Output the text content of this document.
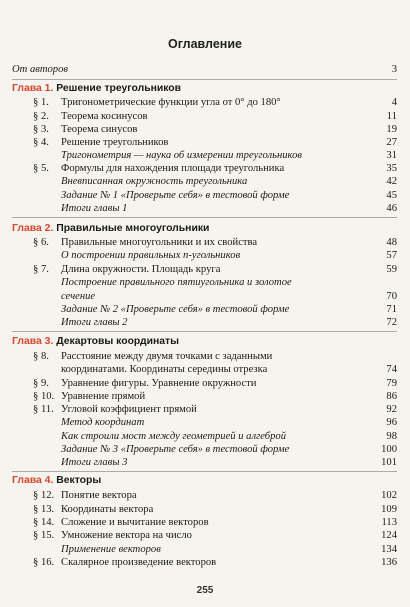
Оглавление
От авторов	3
Глава 1. Решение треугольников
§ 1. Тригонометрические функции угла от 0° до 180°	4
§ 2. Теорема косинусов	11
§ 3. Теорема синусов	19
§ 4. Решение треугольников	27
Тригонометрия — наука об измерении треугольников	31
§ 5. Формулы для нахождения площади треугольника	35
Вневписанная окружность треугольника	42
Задание № 1 «Проверьте себя» в тестовой форме	45
Итоги главы 1	46
Глава 2. Правильные многоугольники
§ 6. Правильные многоугольники и их свойства	48
О построении правильных n-угольников	57
§ 7. Длина окружности. Площадь круга	59
Построение правильного пятиугольника и золотое
сечение	70
Задание № 2 «Проверьте себя» в тестовой форме	71
Итоги главы 2	72
Глава 3. Декартовы координаты
§ 8. Расстояние между двумя точками с заданными
координатами. Координаты середины отрезка	74
§ 9. Уравнение фигуры. Уравнение окружности	79
§ 10. Уравнение прямой	86
§ 11. Угловой коэффициент прямой	92
Метод координат	96
Как строили мост между геометрией и алгеброй	98
Задание № 3 «Проверьте себя» в тестовой форме	100
Итоги главы 3	101
Глава 4. Векторы
§ 12. Понятие вектора	102
§ 13. Координаты вектора	109
§ 14. Сложение и вычитание векторов	113
§ 15. Умножение вектора на число	124
Применение векторов	134
§ 16. Скалярное произведение векторов	136
255
